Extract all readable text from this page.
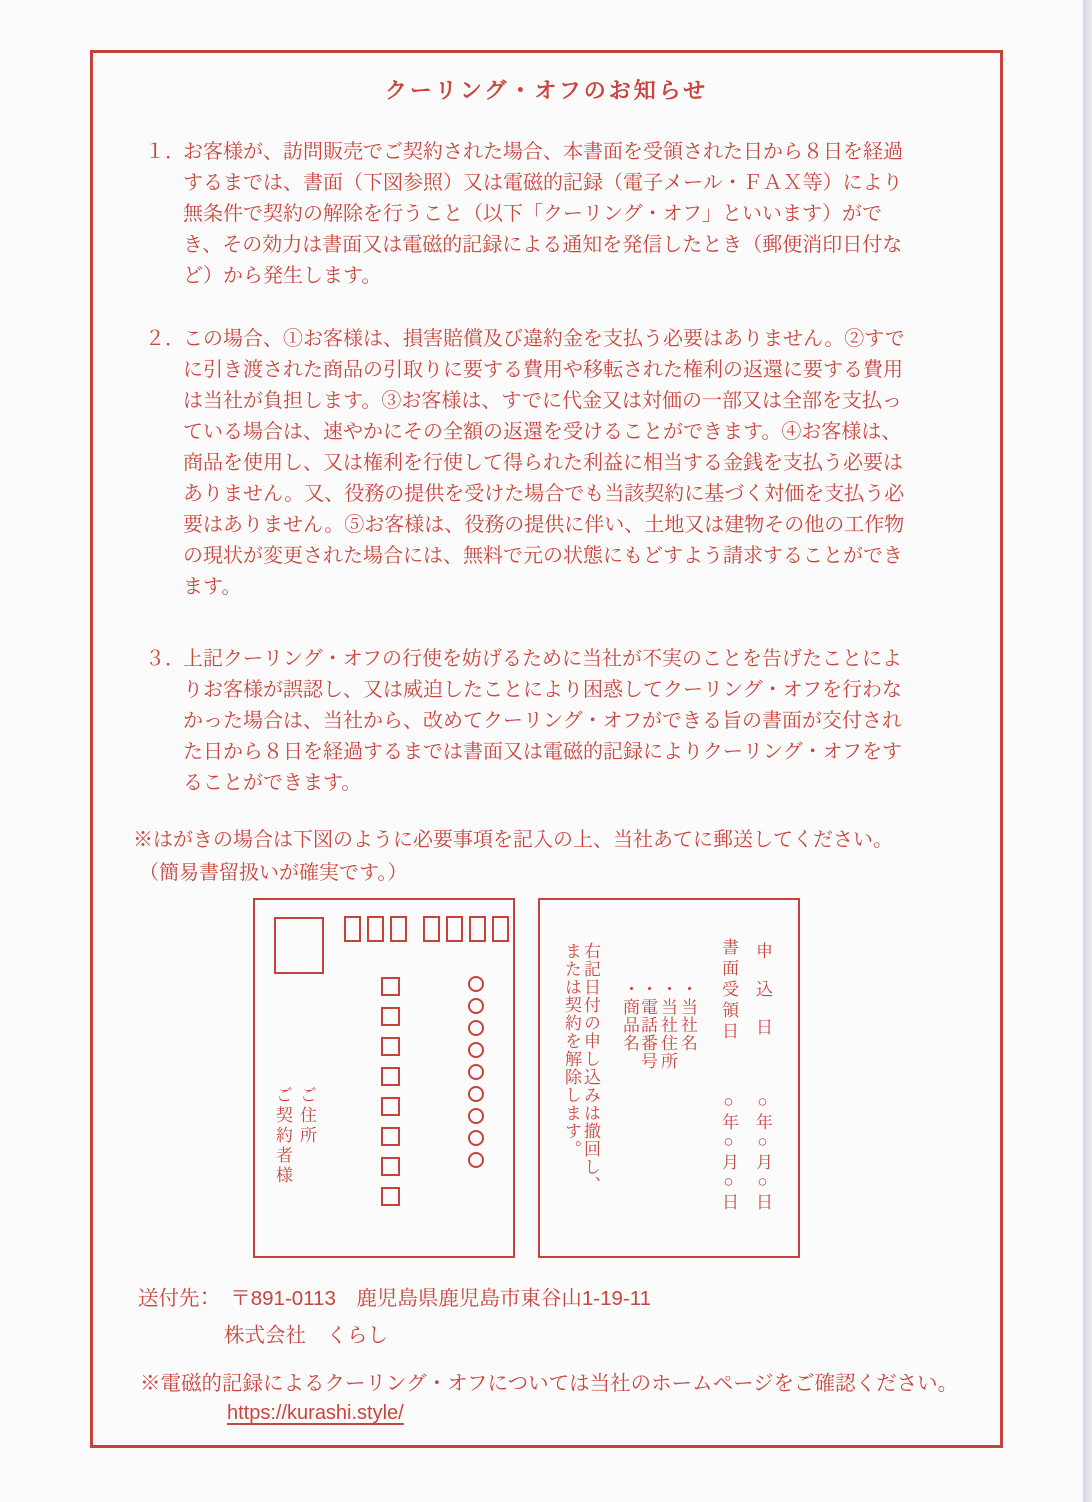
クーリング・オフのお知らせ
１．
お客様が、訪問販売でご契約された場合、本書面を受領された日から８日を経過するまでは、書面（下図参照）又は電磁的記録（電子メール・ＦＡＸ等）により無条件で契約の解除を行うこと（以下「クーリング・オフ」といいます）ができ、その効力は書面又は電磁的記録による通知を発信したとき（郵便消印日付など）から発生します。
２．
この場合、①お客様は、損害賠償及び違約金を支払う必要はありません。②すでに引き渡された商品の引取りに要する費用や移転された権利の返還に要する費用は当社が負担します。③お客様は、すでに代金又は対価の一部又は全部を支払っている場合は、速やかにその全額の返還を受けることができます。④お客様は、商品を使用し、又は権利を行使して得られた利益に相当する金銭を支払う必要はありません。又、役務の提供を受けた場合でも当該契約に基づく対価を支払う必要はありません。⑤お客様は、役務の提供に伴い、土地又は建物その他の工作物の現状が変更された場合には、無料で元の状態にもどすよう請求することができます。
３．
上記クーリング・オフの行使を妨げるために当社が不実のことを告げたことによりお客様が誤認し、又は威迫したことにより困惑してクーリング・オフを行わなかった場合は、当社から、改めてクーリング・オフができる旨の書面が交付された日から８日を経過するまでは書面又は電磁的記録によりクーリング・オフをすることができます。
※はがきの場合は下図のように必要事項を記入の上、当社あてに郵送してください。
（簡易書留扱いが確実です。）
ご住所
ご契約者様
申　込　日
○年○月○日
書面受領日
○年○月○日
・当社名
・当社住所
・電話番号
・商品名
右記日付の申し込みは撤回し、
または契約を解除します。
送付先：　〒891-0113　鹿児島県鹿児島市東谷山1-19-11
株式会社　くらし
※電磁的記録によるクーリング・オフについては当社のホームページをご確認ください。
https://kurashi.style/
